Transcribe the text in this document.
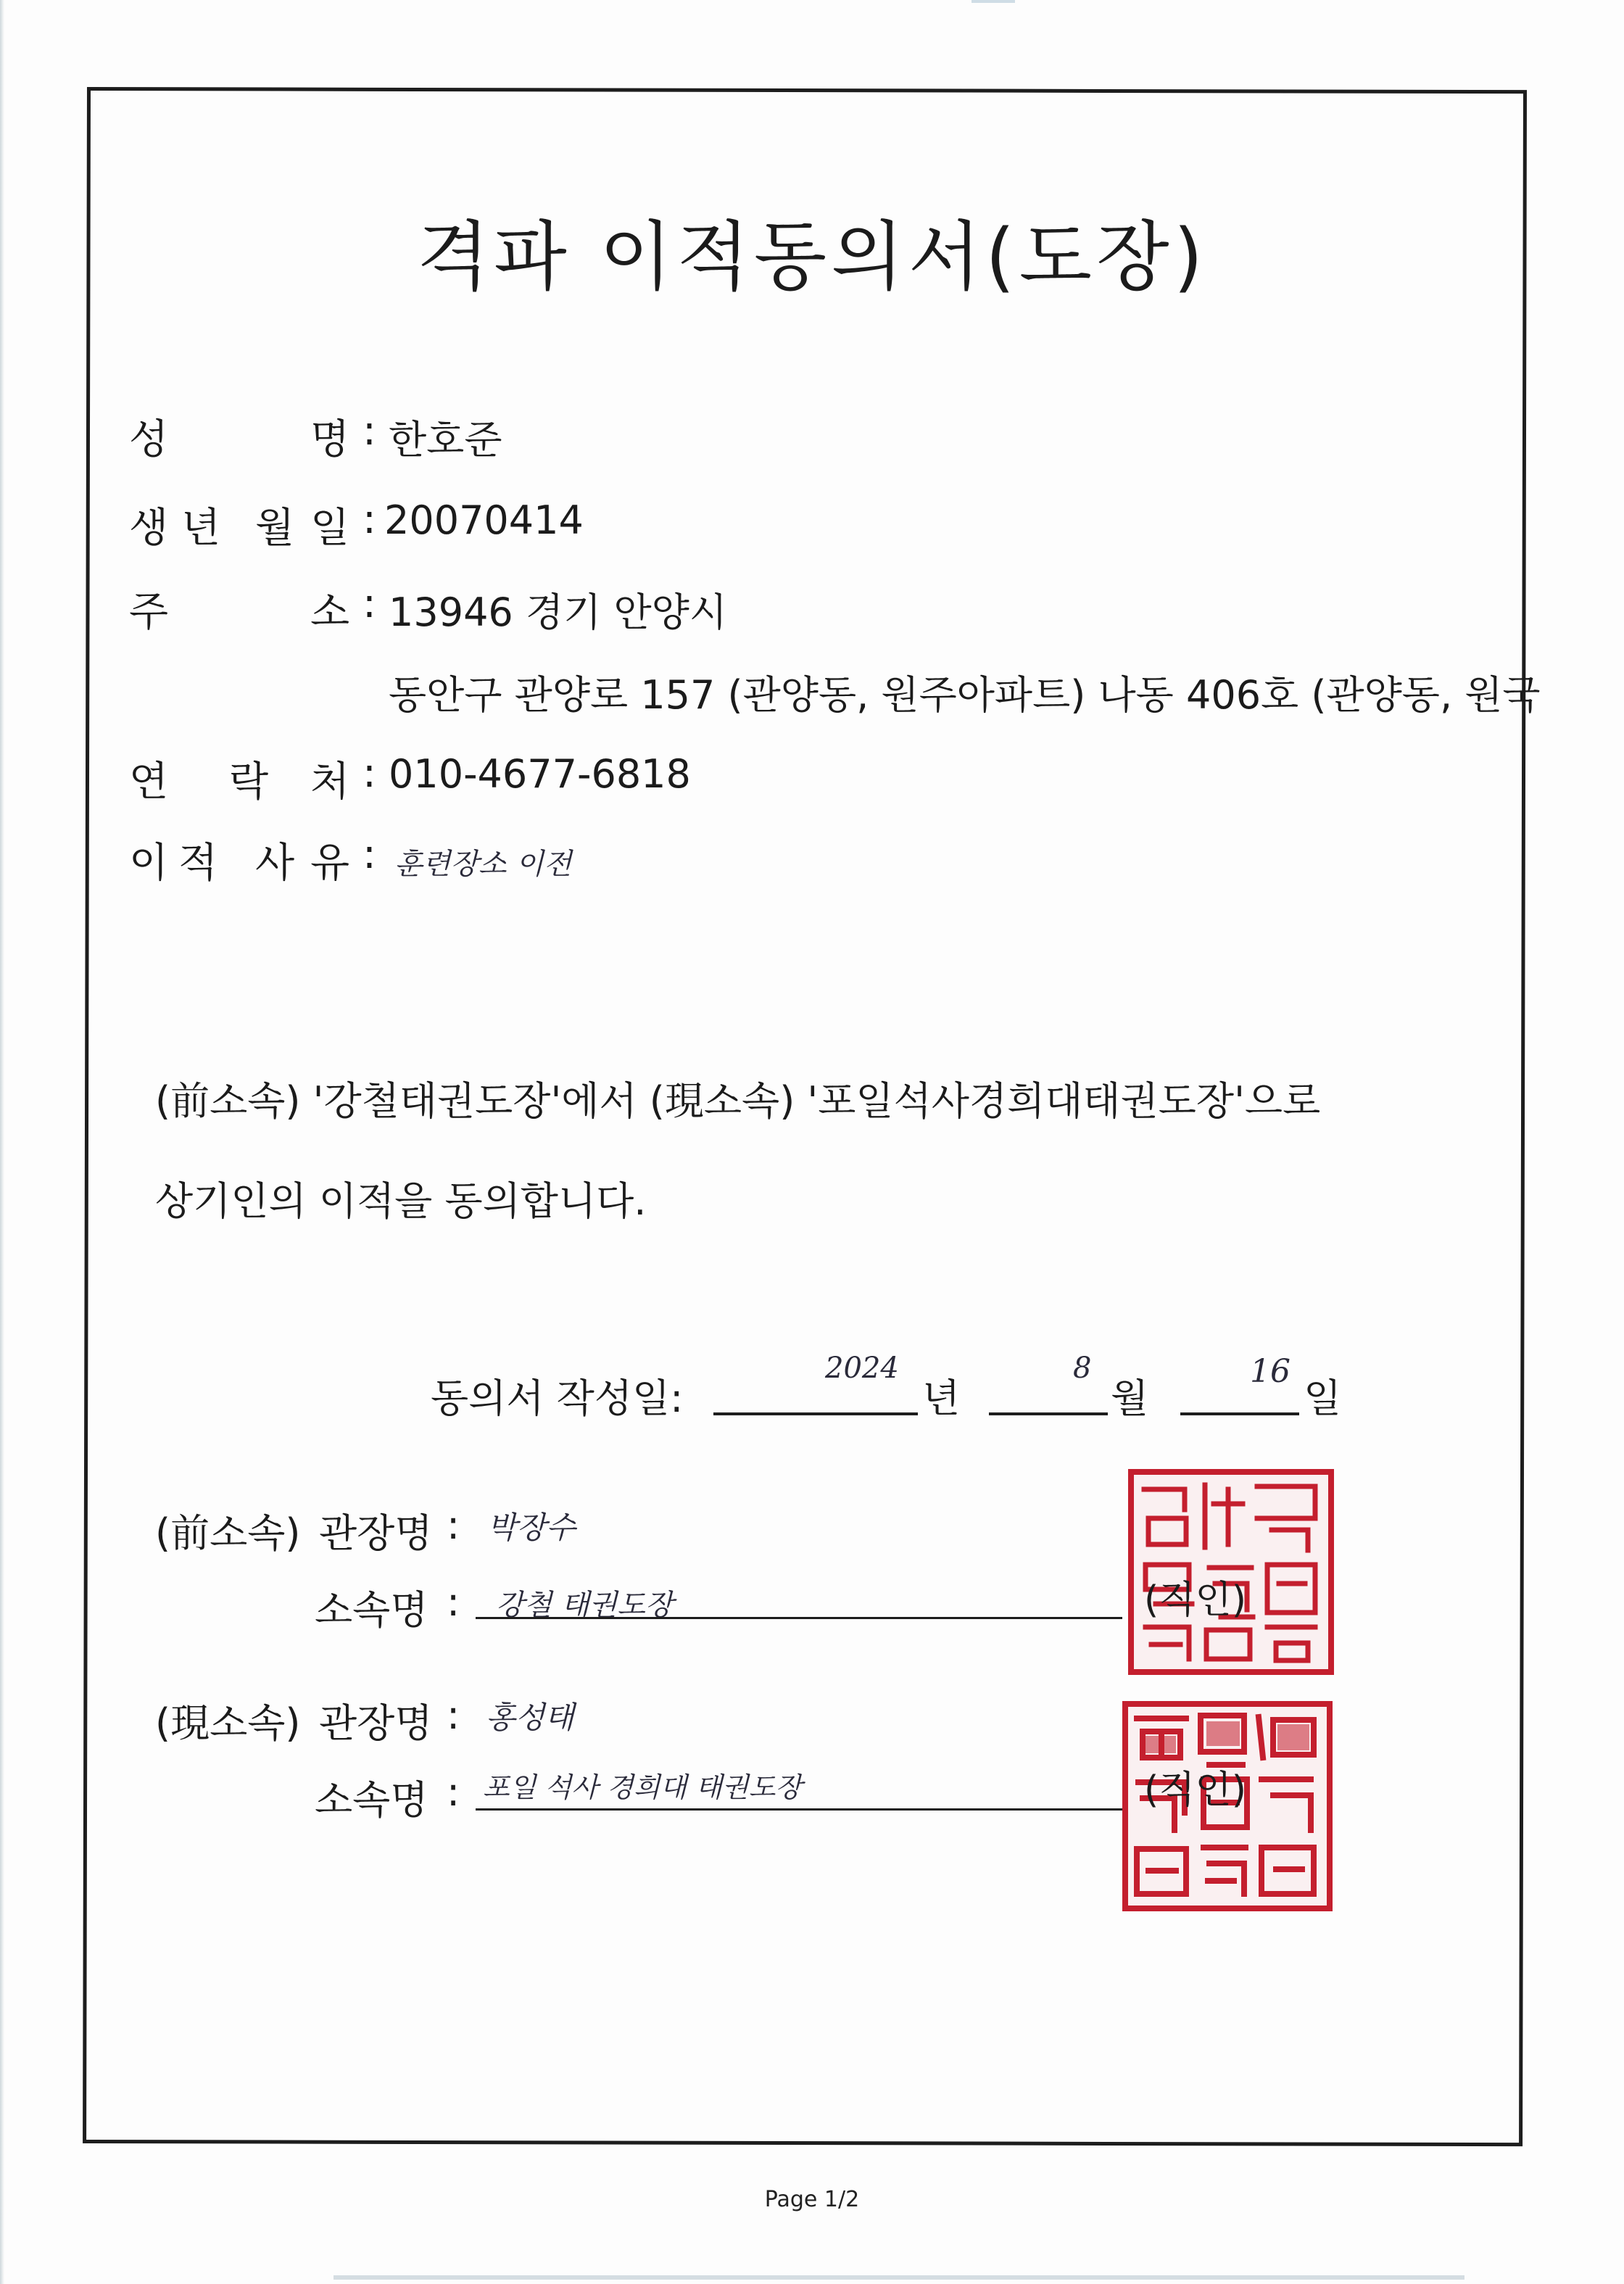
격파 이적동의서(도장)
성	명 : 한호준
생 년 월 일 : 20070414
주	소 : 13946 경기 안양시
동안구 관양로 157 (관양동, 원주아파트) 나동 406호 (관양동, 원국
연 락 처 : 010-4677-6818
이 적 사 유 : 훈련장소 이전
(前소속) '강철태권도장'에서 (現소속) '포일석사경희대태권도장'으로
상기인의 이적을 동의합니다.
동의서 작성일:
2024
년
8
월
16
일
(前소속) 관장명 : 박장수
소속명 : 강철 태권도장	(직인)
(現소속) 관장명 : 홍성태
소속명 : 포일 석사 경희대 태권도장	(직인)
Page 1/2
